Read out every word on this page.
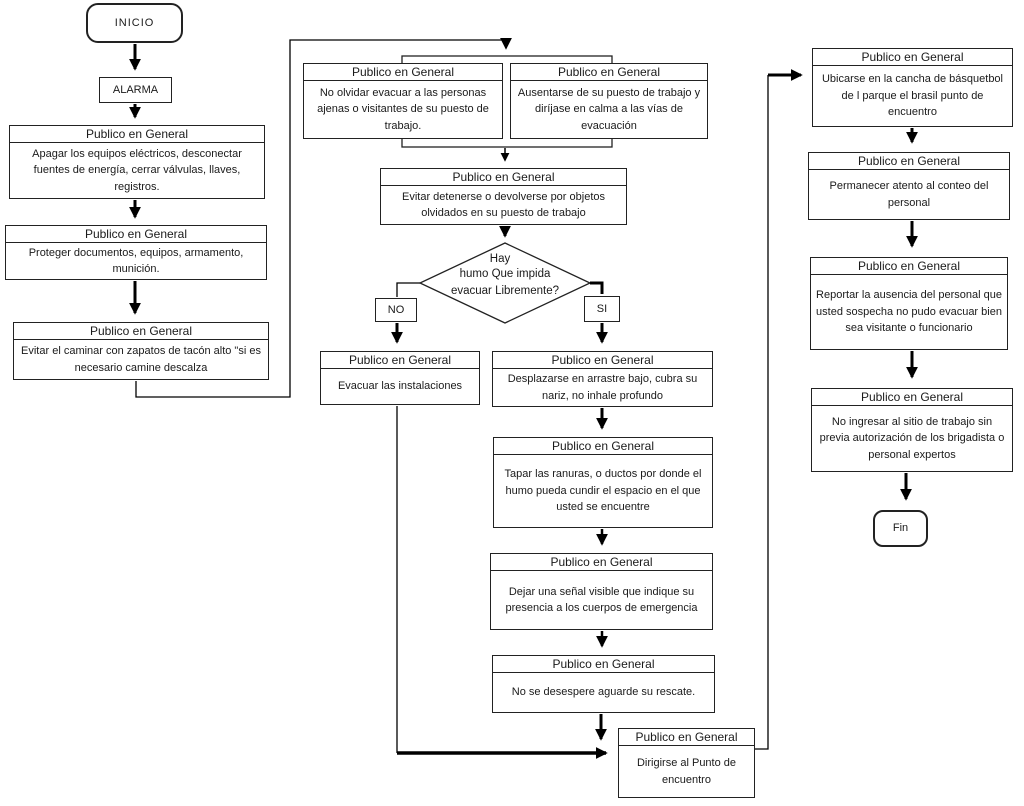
INICIO
ALARMA
Publico en General
Apagar los equipos eléctricos, desconectar fuentes de energía, cerrar válvulas, llaves, registros.
Publico en General
Proteger documentos, equipos, armamento, munición.
Publico en General
Evitar el caminar con zapatos de tacón alto "si es necesario camine descalza
Publico en General
No olvidar evacuar a las personas ajenas o visitantes de su puesto de trabajo.
Publico en General
Ausentarse de su puesto de trabajo y diríjase en calma a las vías de evacuación
Publico en General
Evitar detenerse o devolverse por objetos olvidados en su puesto de trabajo
Hay
humo Que impida
evacuar Libremente?
NO	SI
Publico en General
Evacuar las instalaciones
Publico en General
Desplazarse en arrastre bajo, cubra su nariz, no inhale profundo
Publico en General
Tapar las ranuras, o ductos por donde el humo pueda cundir el espacio en el que usted se encuentre
Publico en General
Dejar una señal visible que indique su presencia a los cuerpos de emergencia
Publico en General
No se desespere aguarde su rescate.
Publico en General
Dirigirse al Punto de encuentro
Publico en General
Ubicarse en la cancha de básquetbol de l parque el brasil punto de encuentro
Publico en General
Permanecer atento al conteo del personal
Publico en General
Reportar la ausencia del personal que usted sospecha no pudo evacuar bien sea visitante o funcionario
Publico en General
No ingresar al sitio de trabajo sin previa autorización de los brigadista o personal expertos
Fin
